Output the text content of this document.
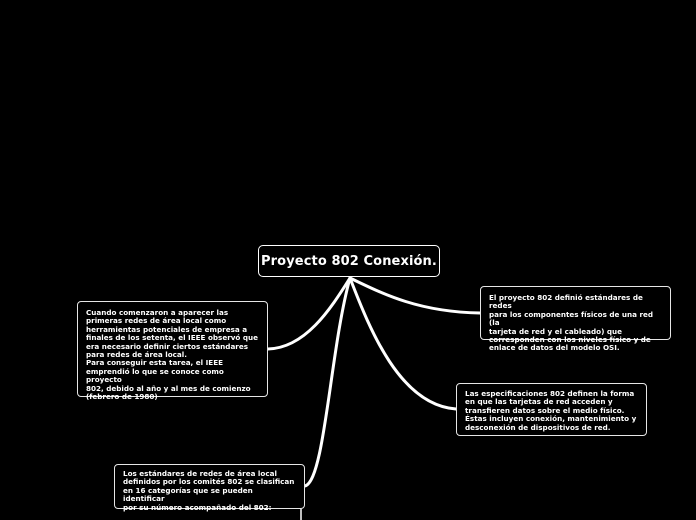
Proyecto 802 Conexión.
Cuando comenzaron a aparecer las
primeras redes de área local como
herramientas potenciales de empresa a
finales de los setenta, el IEEE observó que
era necesario definir ciertos estándares
para redes de área local.
Para conseguir esta tarea, el IEEE
emprendió lo que se conoce como proyecto
802, debido al año y al mes de comienzo
(febrero de 1980)
El proyecto 802 definió estándares de redes
para los componentes físicos de una red (la
tarjeta de red y el cableado) que
corresponden con los niveles físico y de
enlace de datos del modelo OSI.
Las especificaciones 802 definen la forma
en que las tarjetas de red acceden y
transfieren datos sobre el medio físico.
Éstas incluyen conexión, mantenimiento y
desconexión de dispositivos de red.
Los estándares de redes de área local
definidos por los comités 802 se clasifican
en 16 categorías que se pueden identificar
por su número acompañado del 802:
